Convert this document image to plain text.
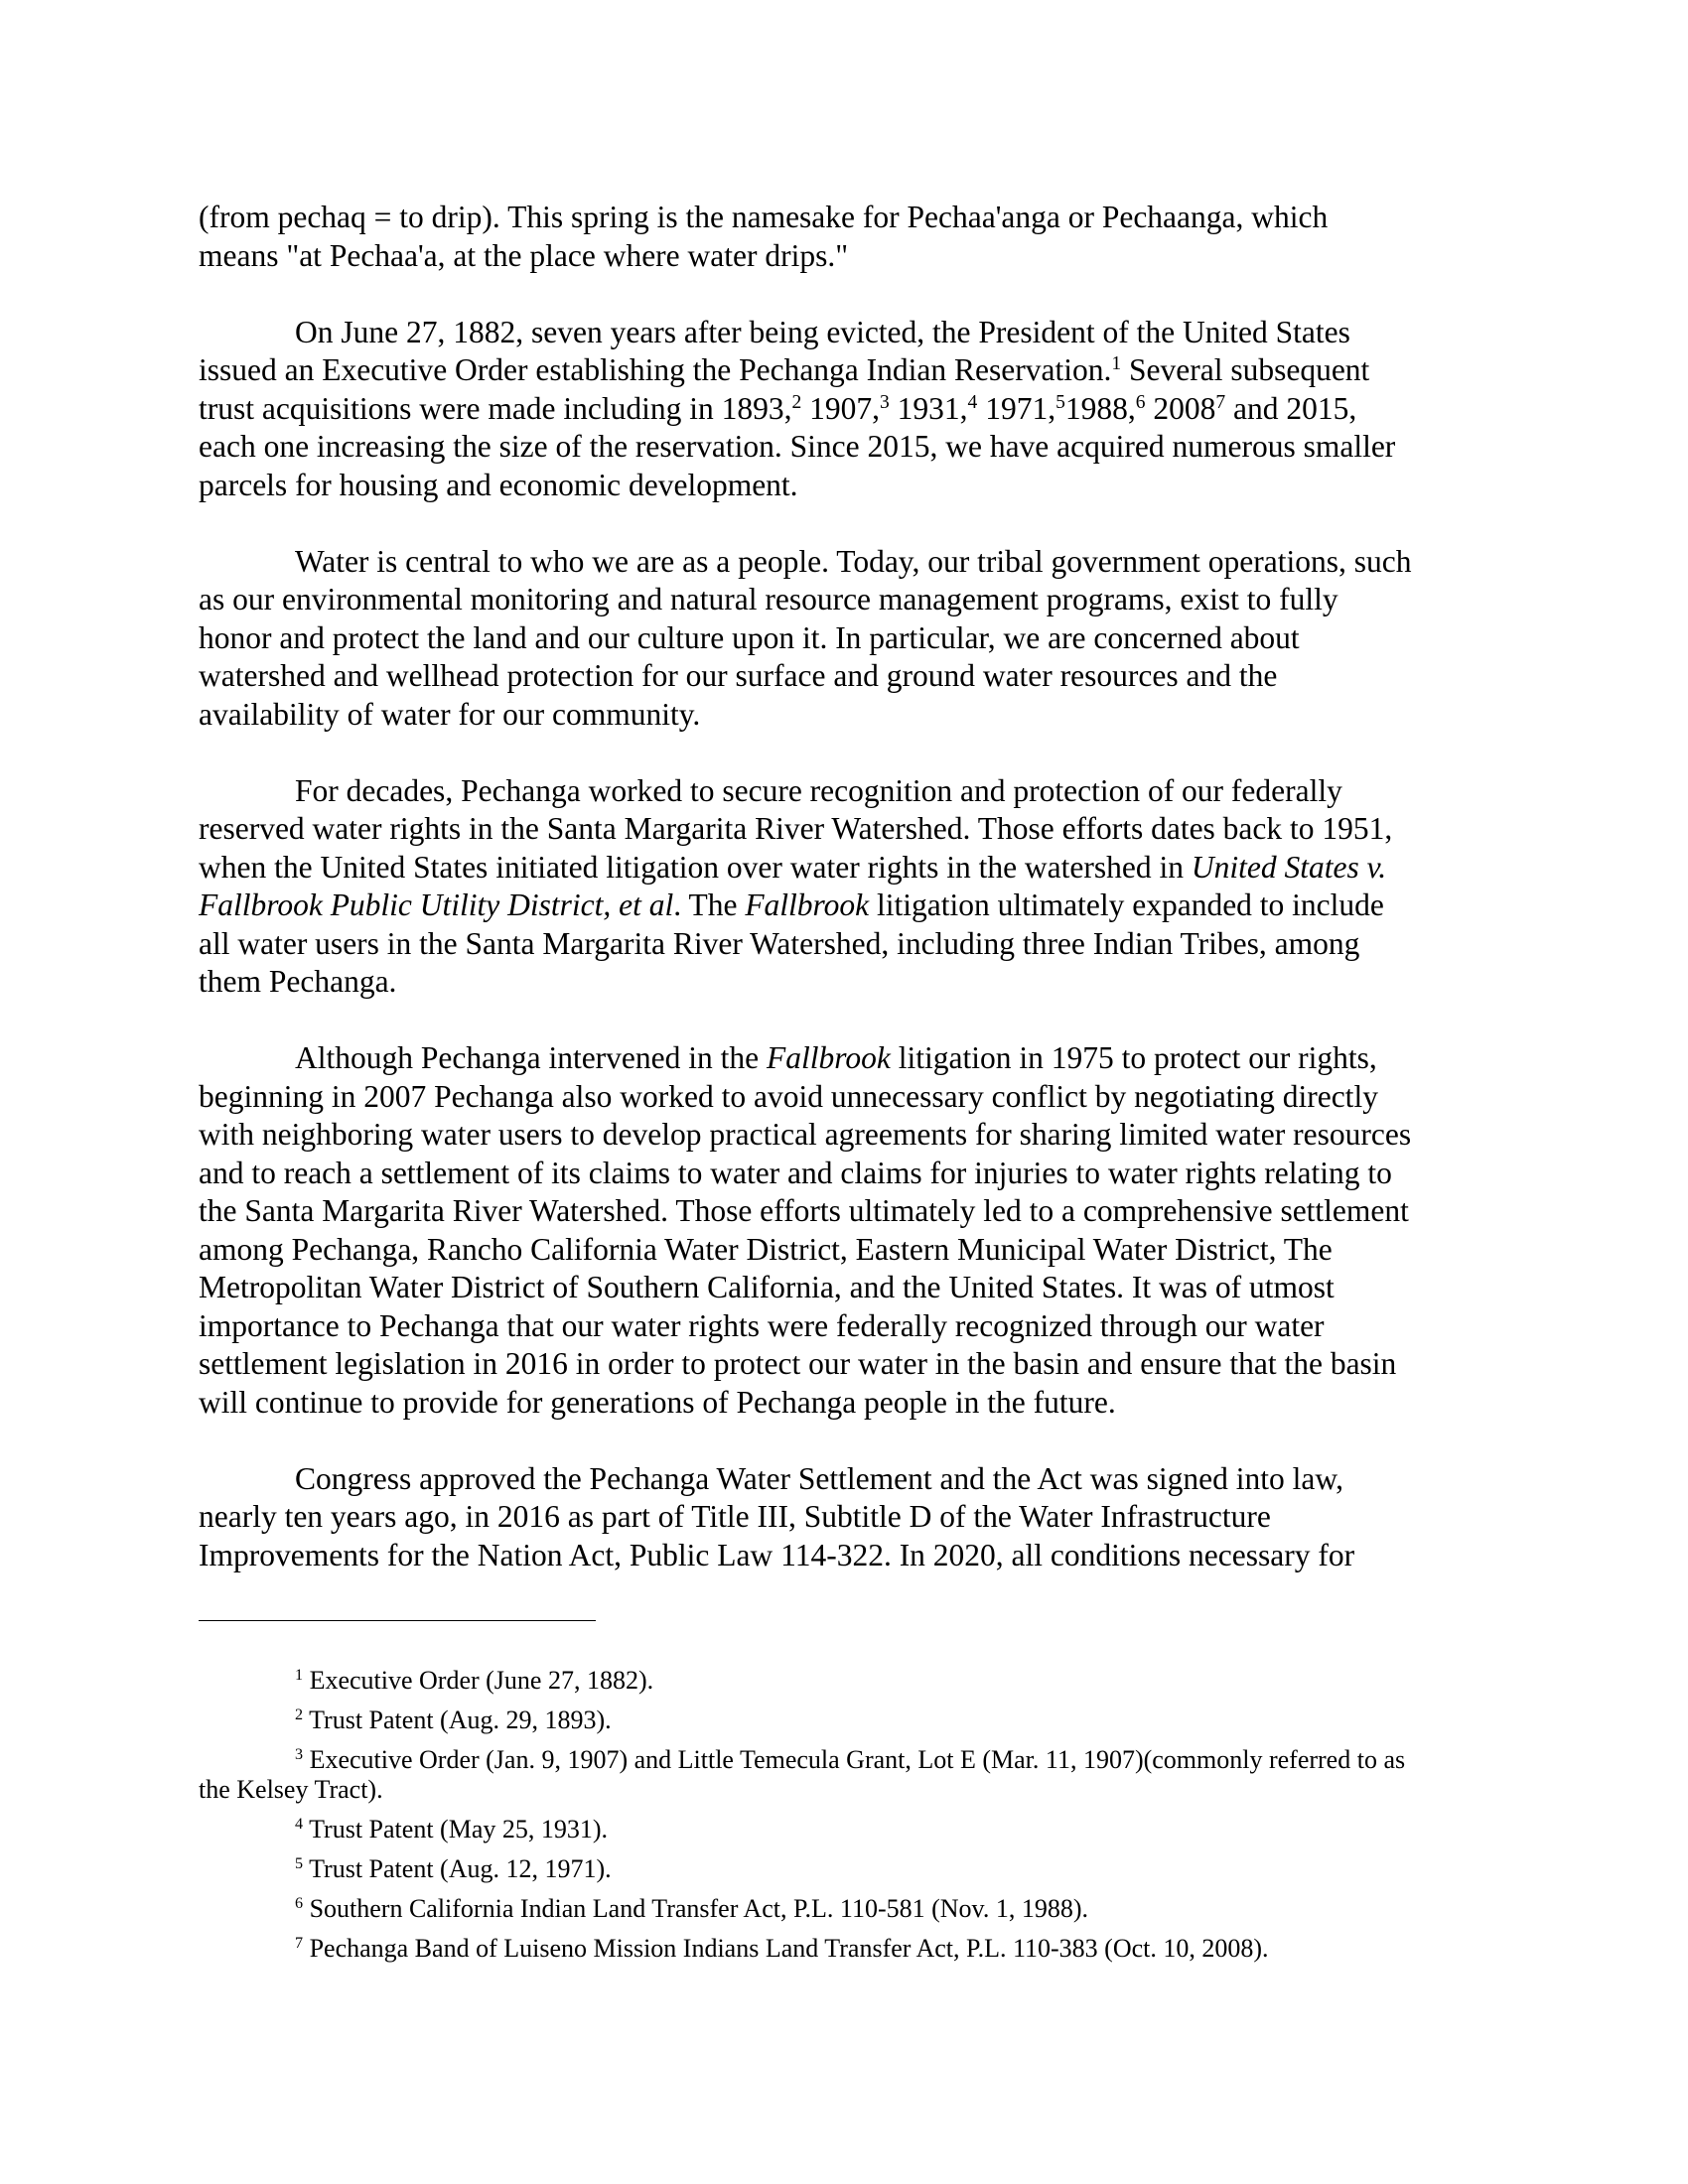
(from pechaq = to drip). This spring is the namesake for Pechaa'anga or Pechaanga, which
means "at Pechaa'a, at the place where water drips."

On June 27, 1882, seven years after being evicted, the President of the United States
issued an Executive Order establishing the Pechanga Indian Reservation.$^1$ Several subsequent
trust acquisitions were made including in 1893,$^2$ 1907,$^3$ 1931,$^4$ 1971,$^5$1988,$^6$ 2008$^7$ and 2015,
each one increasing the size of the reservation. Since 2015, we have acquired numerous smaller
parcels for housing and economic development.

Water is central to who we are as a people. Today, our tribal government operations, such
as our environmental monitoring and natural resource management programs, exist to fully
honor and protect the land and our culture upon it. In particular, we are concerned about
watershed and wellhead protection for our surface and ground water resources and the
availability of water for our community.

For decades, Pechanga worked to secure recognition and protection of our federally
reserved water rights in the Santa Margarita River Watershed. Those efforts dates back to 1951,
when the United States initiated litigation over water rights in the watershed in United States v.
Fallbrook Public Utility District, et al. The Fallbrook litigation ultimately expanded to include
all water users in the Santa Margarita River Watershed, including three Indian Tribes, among
them Pechanga.

Although Pechanga intervened in the Fallbrook litigation in 1975 to protect our rights,
beginning in 2007 Pechanga also worked to avoid unnecessary conflict by negotiating directly
with neighboring water users to develop practical agreements for sharing limited water resources
and to reach a settlement of its claims to water and claims for injuries to water rights relating to
the Santa Margarita River Watershed. Those efforts ultimately led to a comprehensive settlement
among Pechanga, Rancho California Water District, Eastern Municipal Water District, The
Metropolitan Water District of Southern California, and the United States. It was of utmost
importance to Pechanga that our water rights were federally recognized through our water
settlement legislation in 2016 in order to protect our water in the basin and ensure that the basin
will continue to provide for generations of Pechanga people in the future.

Congress approved the Pechanga Water Settlement and the Act was signed into law,
nearly ten years ago, in 2016 as part of Title III, Subtitle D of the Water Infrastructure
Improvements for the Nation Act, Public Law 114-322. In 2020, all conditions necessary for

$^1$ Executive Order (June 27, 1882).

$^2$ Trust Patent (Aug. 29, 1893).

$^3$ Executive Order (Jan. 9, 1907) and Little Temecula Grant, Lot E (Mar. 11, 1907)(commonly referred to as
the Kelsey Tract).

$^4$ Trust Patent (May 25, 1931).

$^5$ Trust Patent (Aug. 12, 1971).

$^6$ Southern California Indian Land Transfer Act, P.L. 110-581 (Nov. 1, 1988).

$^7$ Pechanga Band of Luiseno Mission Indians Land Transfer Act, P.L. 110-383 (Oct. 10, 2008).
